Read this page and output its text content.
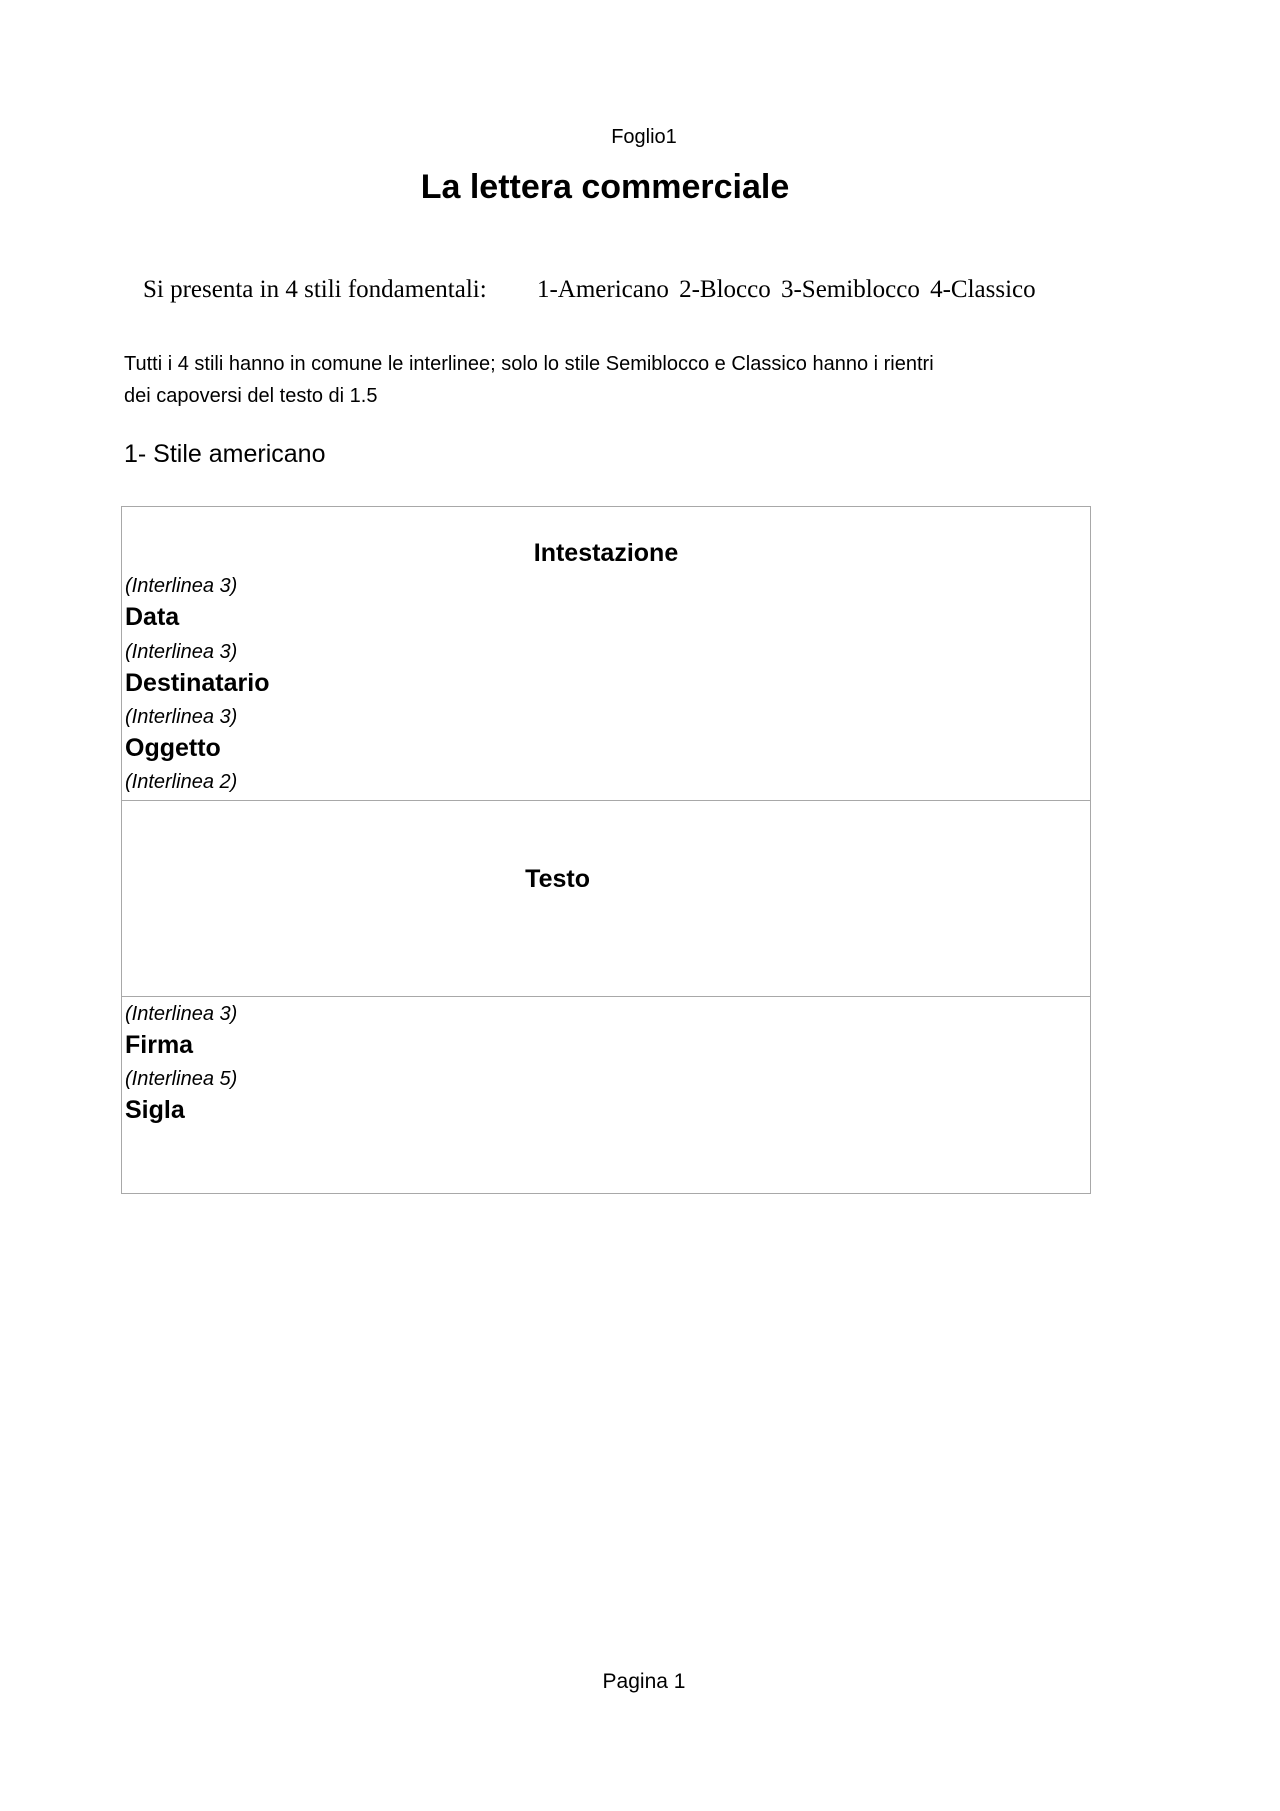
Foglio1
La lettera commerciale
Si presenta in 4 stili fondamentali: 1-Americano 2-Blocco 3-Semiblocco 4-Classico
Tutti i 4 stili hanno in comune le interlinee; solo lo stile Semiblocco e Classico hanno i rientri
dei capoversi del testo di 1.5
1- Stile americano
Intestazione
(Interlinea 3)
Data
(Interlinea 3)
Destinatario
(Interlinea 3)
Oggetto
(Interlinea 2)
Testo
(Interlinea 3)
Firma
(Interlinea 5)
Sigla
Pagina 1
